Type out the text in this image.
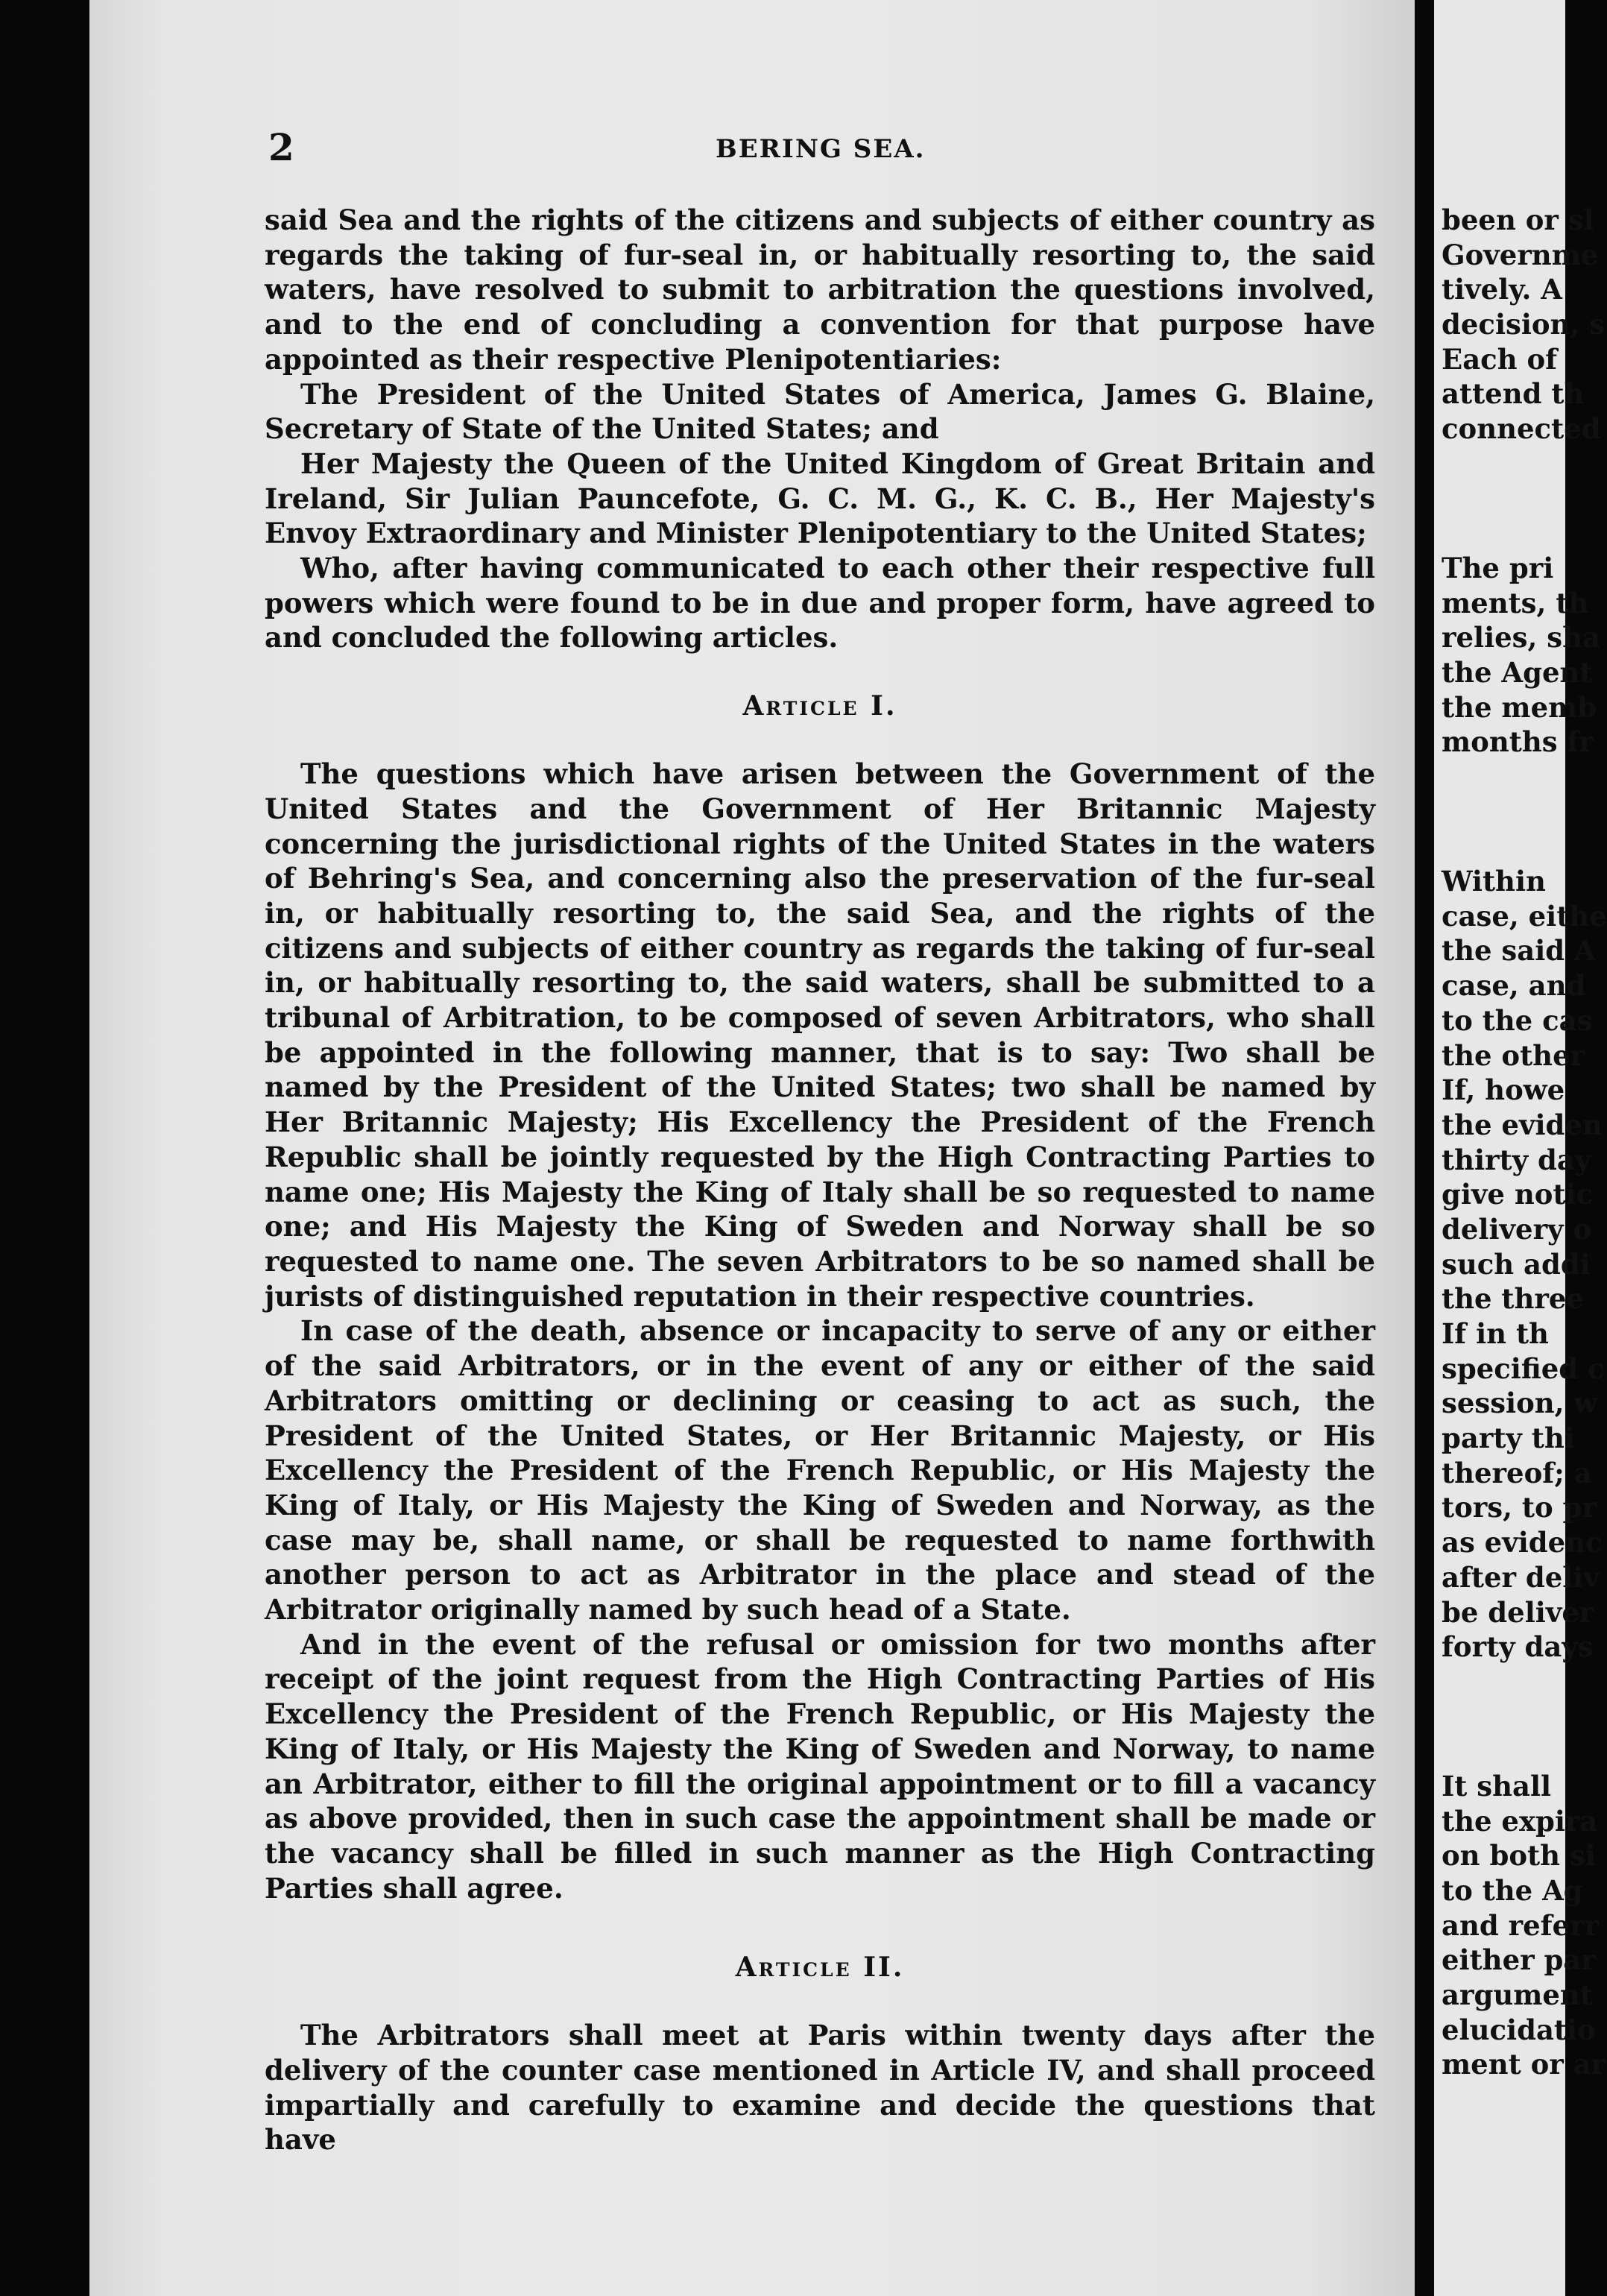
been or sl
Governme
tively. A
decision, s
Each of
attend th
connected
The pri
ments, th
relies, sha
the Agent
the memb
months fr
Within
case, eithe
the said A
case, and
to the cas
the other
If, howe
the eviden
thirty day
give notic
delivery o
such addi
the three
If in th
specified c
session, w
party thi
thereof; a
tors, to pr
as evidenc
after deliv
be deliver
forty days
It shall
the expira
on both si
to the Ag
and referr
either par
argument
elucidatio
ment or ar
2	BERING SEA.

said Sea and the rights of the citizens and subjects of either country as regards the taking of fur-seal in, or habitually resorting to, the said waters, have resolved to submit to arbitration the questions involved, and to the end of concluding a convention for that purpose have appointed as their respective Plenipotentiaries:

The President of the United States of America, James G. Blaine, Secretary of State of the United States; and

Her Majesty the Queen of the United Kingdom of Great Britain and Ireland, Sir Julian Pauncefote, G. C. M. G., K. C. B., Her Majesty's Envoy Extraordinary and Minister Plenipotentiary to the United States;

Who, after having communicated to each other their respective full powers which were found to be in due and proper form, have agreed to and concluded the following articles.

Article I.

The questions which have arisen between the Government of the United States and the Government of Her Britannic Majesty concerning the jurisdictional rights of the United States in the waters of Behring's Sea, and concerning also the preservation of the fur-seal in, or habitually resorting to, the said Sea, and the rights of the citizens and subjects of either country as regards the taking of fur-seal in, or habitually resorting to, the said waters, shall be submitted to a tribunal of Arbitration, to be composed of seven Arbitrators, who shall be appointed in the following manner, that is to say: Two shall be named by the President of the United States; two shall be named by Her Britannic Majesty; His Excellency the President of the French Republic shall be jointly requested by the High Contracting Parties to name one; His Majesty the King of Italy shall be so requested to name one; and His Majesty the King of Sweden and Norway shall be so requested to name one. The seven Arbitrators to be so named shall be jurists of distinguished reputation in their respective countries.

In case of the death, absence or incapacity to serve of any or either of the said Arbitrators, or in the event of any or either of the said Arbitrators omitting or declining or ceasing to act as such, the President of the United States, or Her Britannic Majesty, or His Excellency the President of the French Republic, or His Majesty the King of Italy, or His Majesty the King of Sweden and Norway, as the case may be, shall name, or shall be requested to name forthwith another person to act as Arbitrator in the place and stead of the Arbitrator originally named by such head of a State.

And in the event of the refusal or omission for two months after receipt of the joint request from the High Contracting Parties of His Excellency the President of the French Republic, or His Majesty the King of Italy, or His Majesty the King of Sweden and Norway, to name an Arbitrator, either to fill the original appointment or to fill a vacancy as above provided, then in such case the appointment shall be made or the vacancy shall be filled in such manner as the High Contracting Parties shall agree.

Article II.

The Arbitrators shall meet at Paris within twenty days after the delivery of the counter case mentioned in Article IV, and shall proceed impartially and carefully to examine and decide the questions that have
